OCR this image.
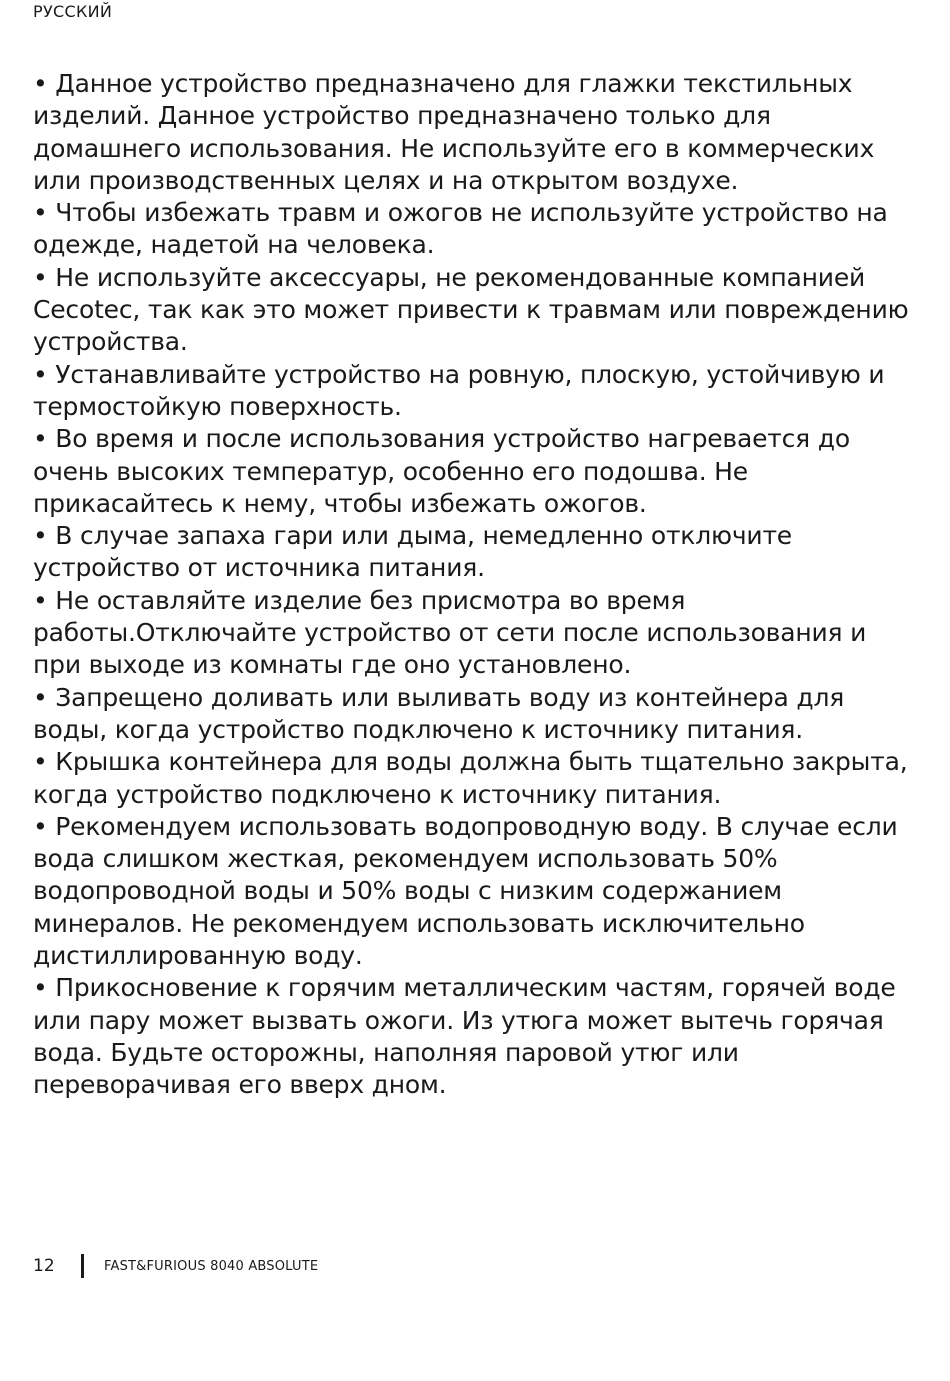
РУССКИЙ

• Данное устройство предназначено для глажки текстильных изделий. Данное устройство предназначено только для домашнего использования. Не используйте его в коммерческих или производственных целях и на открытом воздухе.

• Чтобы избежать травм и ожогов не используйте устройство на одежде, надетой на человека.

• Не используйте аксессуары, не рекомендованные компанией Cecotec, так как это может привести к травмам или повреждению устройства.

• Устанавливайте устройство на ровную, плоскую, устойчивую и термостойкую поверхность.

• Во время и после использования устройство нагревается до очень высоких температур, особенно его подошва. Не прикасайтесь к нему, чтобы избежать ожогов.

• В случае запаха гари или дыма, немедленно отключите устройство от источника питания.

• Не оставляйте изделие без присмотра во время работы.Отключайте устройство от сети после использования и при выходе из комнаты где оно установлено.

• Запрещено доливать или выливать воду из контейнера для воды, когда устройство подключено к источнику питания.

• Крышка контейнера для воды должна быть тщательно закрыта, когда устройство подключено к источнику питания.

• Рекомендуем использовать водопроводную воду. В случае если вода слишком жесткая, рекомендуем использовать 50% водопроводной воды и 50% воды с низким содержанием минералов. Не рекомендуем использовать исключительно дистиллированную воду.

• Прикосновение к горячим металлическим частям, горячей воде или пару может вызвать ожоги. Из утюга может вытечь горячая вода. Будьте осторожны, наполняя паровой утюг или переворачивая его вверх дном.

12	FAST&FURIOUS 8040 ABSOLUTE
